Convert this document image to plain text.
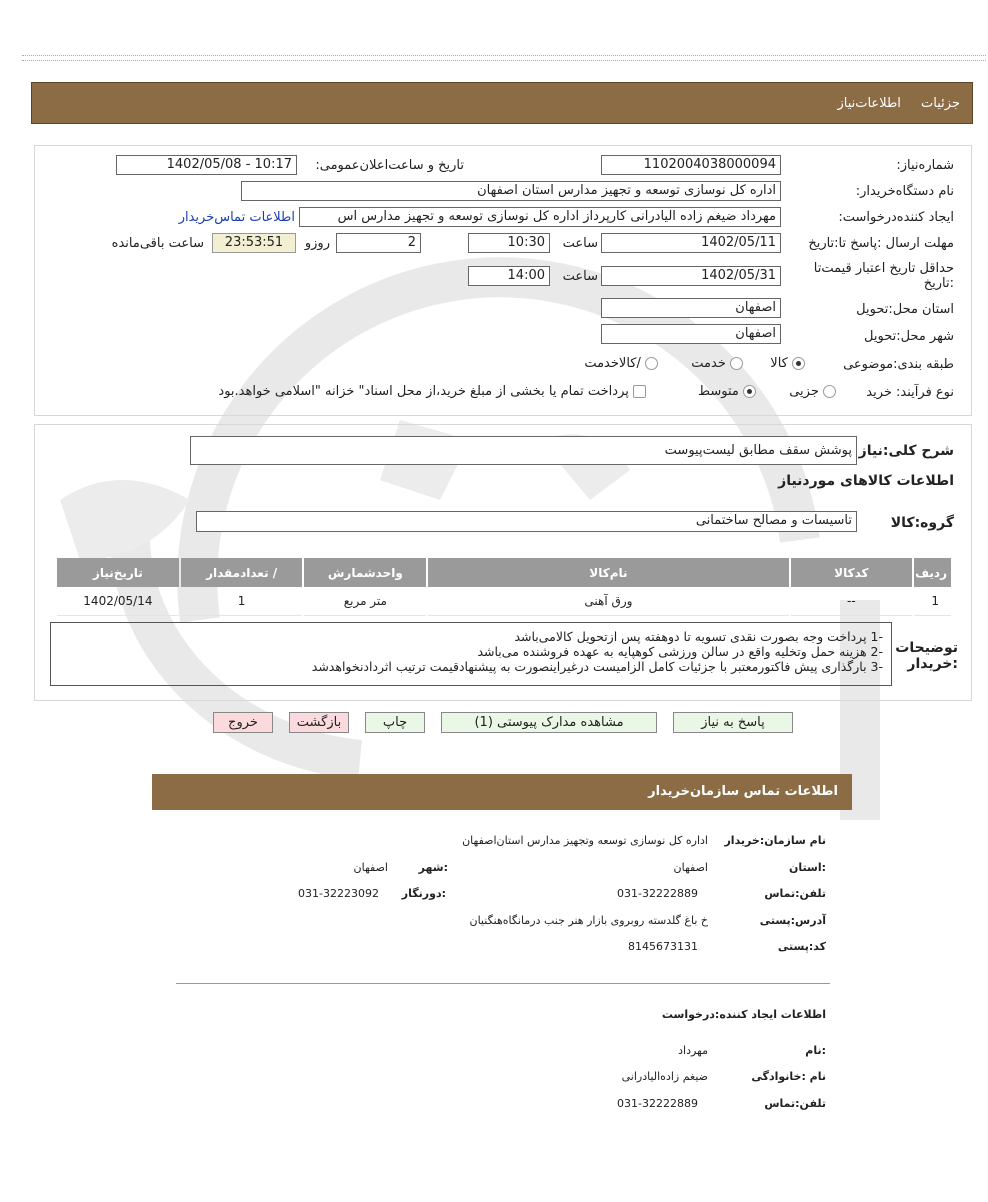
جزئیات اطلاعات‌نیاز
شماره‌نیاز:
1102004038000094
تاریخ و ساعت‌اعلان‌عمومی:
1402/05/08 - 10:17
نام دستگاه‌خریدار:
اداره کل نوسازی توسعه و تجهیز مدارس استان اصفهان
ایجاد کننده‌درخواست:
مهرداد ضیغم زاده الیادرانی کارپرداز اداره کل نوسازی توسعه و تجهیز مدارس اس
اطلاعات تماس‌خریدار
مهلت ارسال :پاسخ تا:تاریخ
1402/05/11
ساعت
10:30
2
روزو
23:53:51
ساعت باقی‌مانده
حداقل تاریخ اعتبار قیمت‌تا :تاریخ
1402/05/31
ساعت
14:00
استان محل:تحویل
اصفهان
شهر محل:تحویل
اصفهان
طبقه بندی:موضوعی
کالا
خدمت
/کالاخدمت
نوع فرآیند: خرید
جزیی
متوسط
پرداخت تمام یا بخشی از مبلغ خرید،از محل اسناد" خزانه "اسلامی خواهد.بود
شرح کلی:نیاز
پوشش سقف مطابق لیست‌پیوست
اطلاعات کالاهای موردنیاز
گروه:کالا
تاسیسات و مصالح ساختمانی
ردیف	کدکالا	نام‌کالا	واحدشمارش	/ تعدادمقدار	تاریخ‌نیاز
1	--	ورق آهنی	متر مربع	1	1402/05/14
توضیحات :خریدار
-1 پرداخت وجه بصورت نقدی تسویه تا دوهفته پس ازتحویل کالامی‌باشد
-2 هزینه حمل وتخلیه واقع در سالن ورزشی کوهپایه به عهده فروشنده می‌باشد
-3 بارگذاری پیش فاکتورمعتبر با جزئیات کامل الزامیست درغیراینصورت به پیشنهادقیمت ترتیب اثردادنخواهدشد
پاسخ به نیاز
مشاهده مدارک پیوستی (1)
چاپ
بازگشت
خروج
اطلاعات تماس سازمان‌خریدار
نام سازمان:خریدار
اداره کل نوسازی توسعه وتجهیز مدارس استان‌اصفهان
:استان
اصفهان
:شهر
اصفهان
تلفن:تماس
031-32222889
:دورنگار
031-32223092
آدرس:پستی
خ باغ گلدسته روبروی بازار هنر جنب درمانگاه‌هنگنیان
کد:پستی
8145673131
اطلاعات ایجاد کننده:درخواست
:نام
مهرداد
نام :خانوادگی
ضیغم زاده‌الیادرانی
تلفن:تماس
031-32222889
